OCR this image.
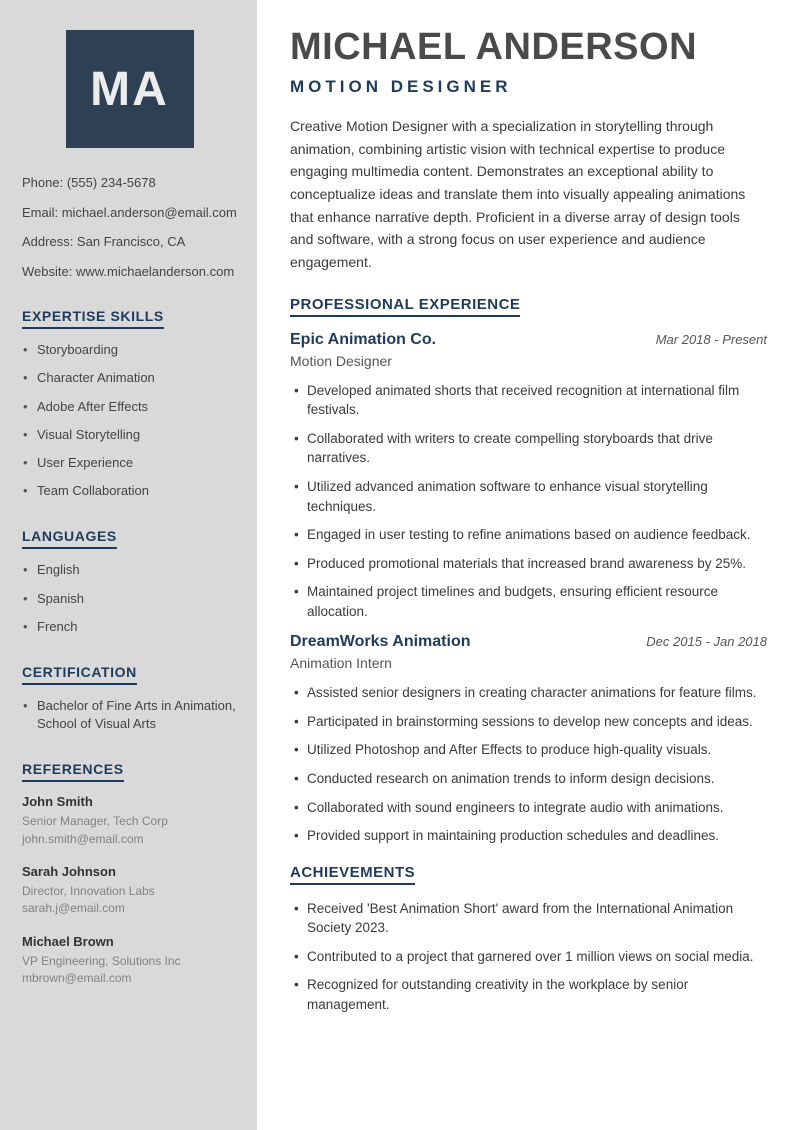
MA

Phone: (555) 234-5678

Email: michael.anderson@email.com

Address: San Francisco, CA

Website: www.michaelanderson.com

EXPERTISE SKILLS
• Storyboarding
• Character Animation
• Adobe After Effects
• Visual Storytelling
• User Experience
• Team Collaboration
LANGUAGES
• English
• Spanish
• French
CERTIFICATION
• Bachelor of Fine Arts in Animation, School of Visual Arts
REFERENCES

John Smith

Senior Manager, Tech Corp

john.smith@email.com

Sarah Johnson

Director, Innovation Labs

sarah.j@email.com

Michael Brown

VP Engineering, Solutions Inc

mbrown@email.com

MICHAEL ANDERSON
MOTION DESIGNER

Creative Motion Designer with a specialization in storytelling through animation, combining artistic vision with technical expertise to produce engaging multimedia content. Demonstrates an exceptional ability to conceptualize ideas and translate them into visually appealing animations that enhance narrative depth. Proficient in a diverse array of design tools and software, with a strong focus on user experience and audience engagement.

PROFESSIONAL EXPERIENCE
Epic Animation Co.	Mar 2018 - Present

Motion Designer

• Developed animated shorts that received recognition at international film festivals.
• Collaborated with writers to create compelling storyboards that drive narratives.
• Utilized advanced animation software to enhance visual storytelling techniques.
• Engaged in user testing to refine animations based on audience feedback.
• Produced promotional materials that increased brand awareness by 25%.
• Maintained project timelines and budgets, ensuring efficient resource allocation.
DreamWorks Animation	Dec 2015 - Jan 2018

Animation Intern

• Assisted senior designers in creating character animations for feature films.
• Participated in brainstorming sessions to develop new concepts and ideas.
• Utilized Photoshop and After Effects to produce high-quality visuals.
• Conducted research on animation trends to inform design decisions.
• Collaborated with sound engineers to integrate audio with animations.
• Provided support in maintaining production schedules and deadlines.
ACHIEVEMENTS
• Received 'Best Animation Short' award from the International Animation Society 2023.
• Contributed to a project that garnered over 1 million views on social media.
• Recognized for outstanding creativity in the workplace by senior management.
